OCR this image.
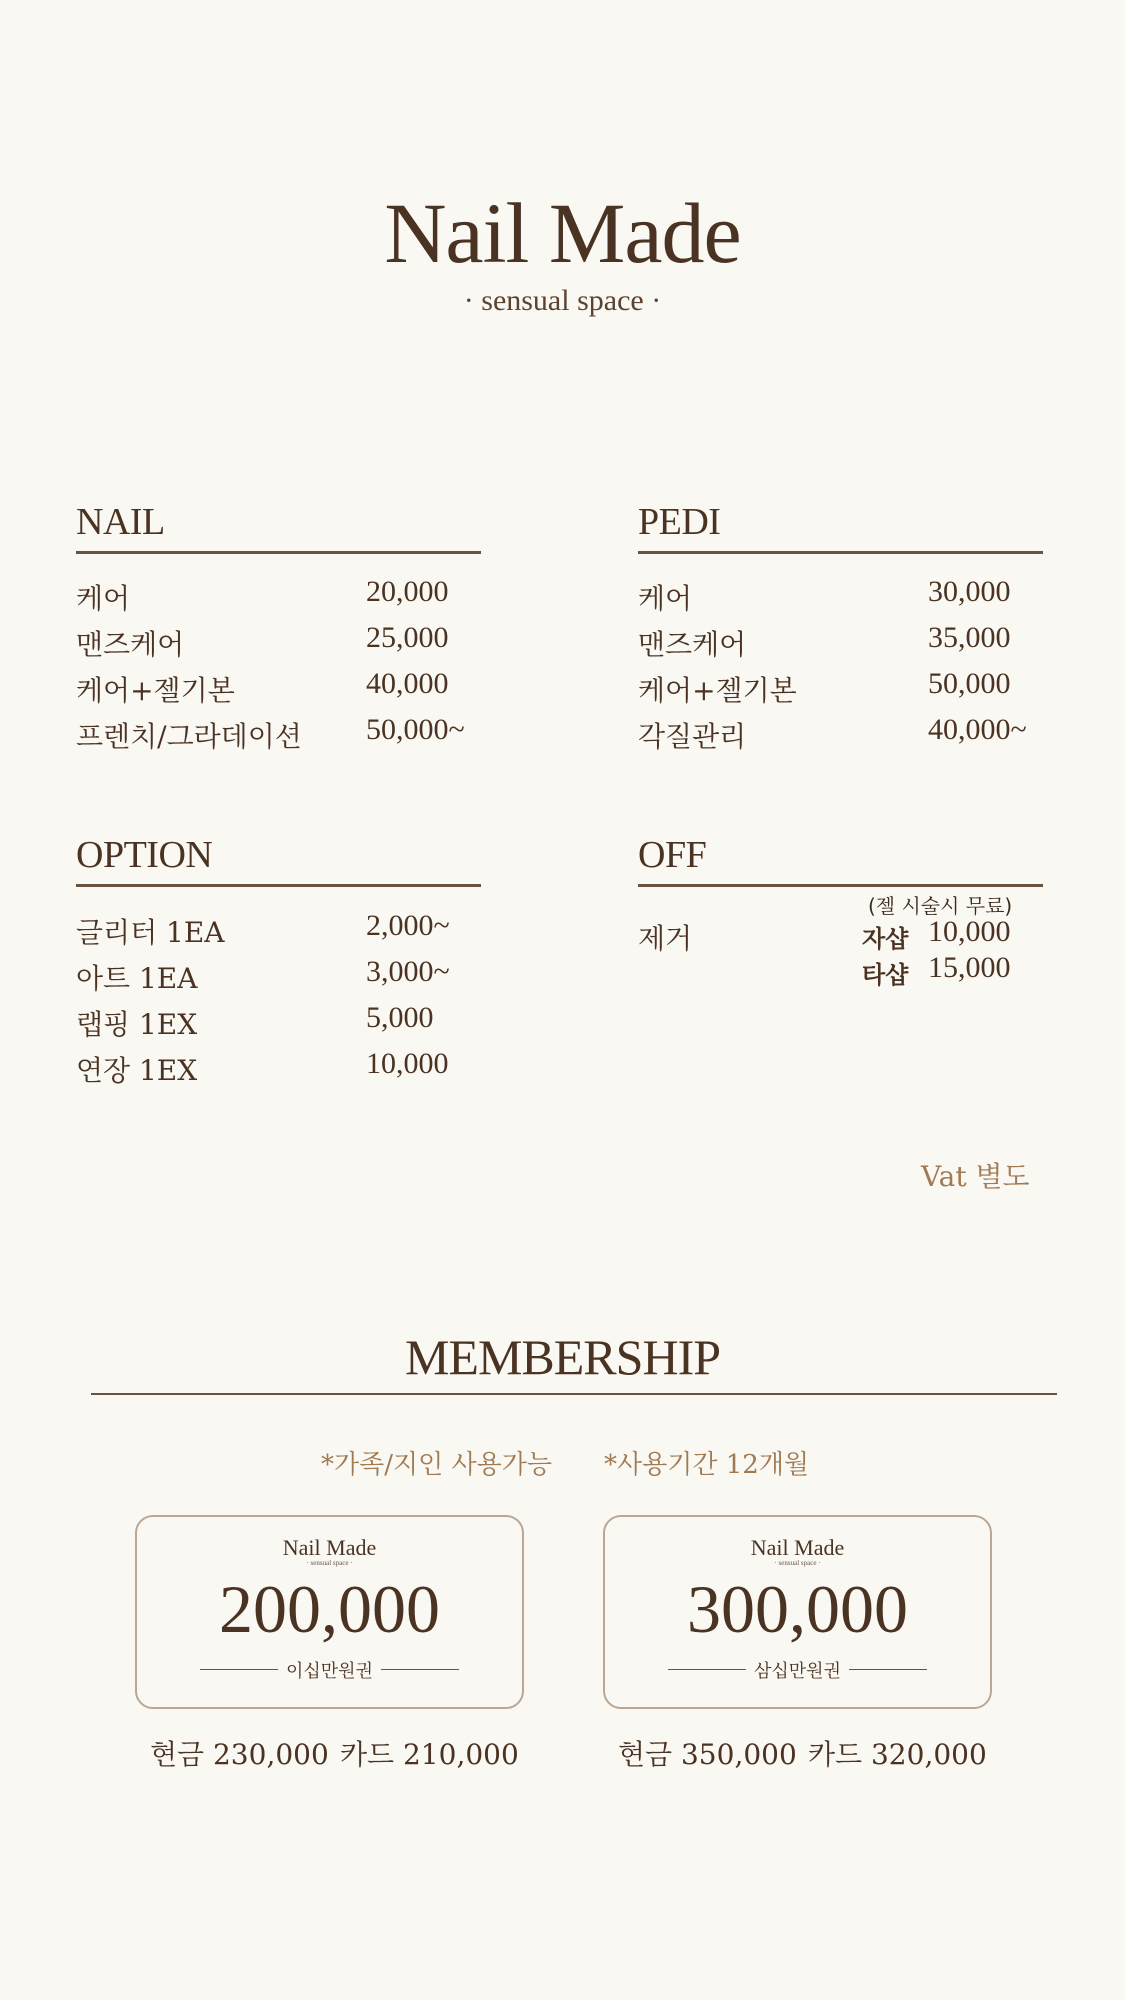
Nail Made
· sensual space ·
NAIL
케어	20,000
맨즈케어	25,000
케어+젤기본	40,000
프렌치/그라데이션 50,000~
PEDI
케어	30,000
맨즈케어	35,000
케어+젤기본	50,000
각질관리	40,000~
OPTION
글리터 1EA	2,000~
아트 1EA	3,000~
랩핑 1EX	5,000
연장 1EX	10,000
OFF
(젤 시술시 무료)
제거	자샵 10,000
타샵 15,000
Vat 별도
MEMBERSHIP
*가족/지인 사용가능 *사용기간 12개월
Nail Made
· sensual space ·
200,000
이십만원권
현금 230,000 카드 210,000
Nail Made
· sensual space ·
300,000
삼십만원권
현금 350,000 카드 320,000
